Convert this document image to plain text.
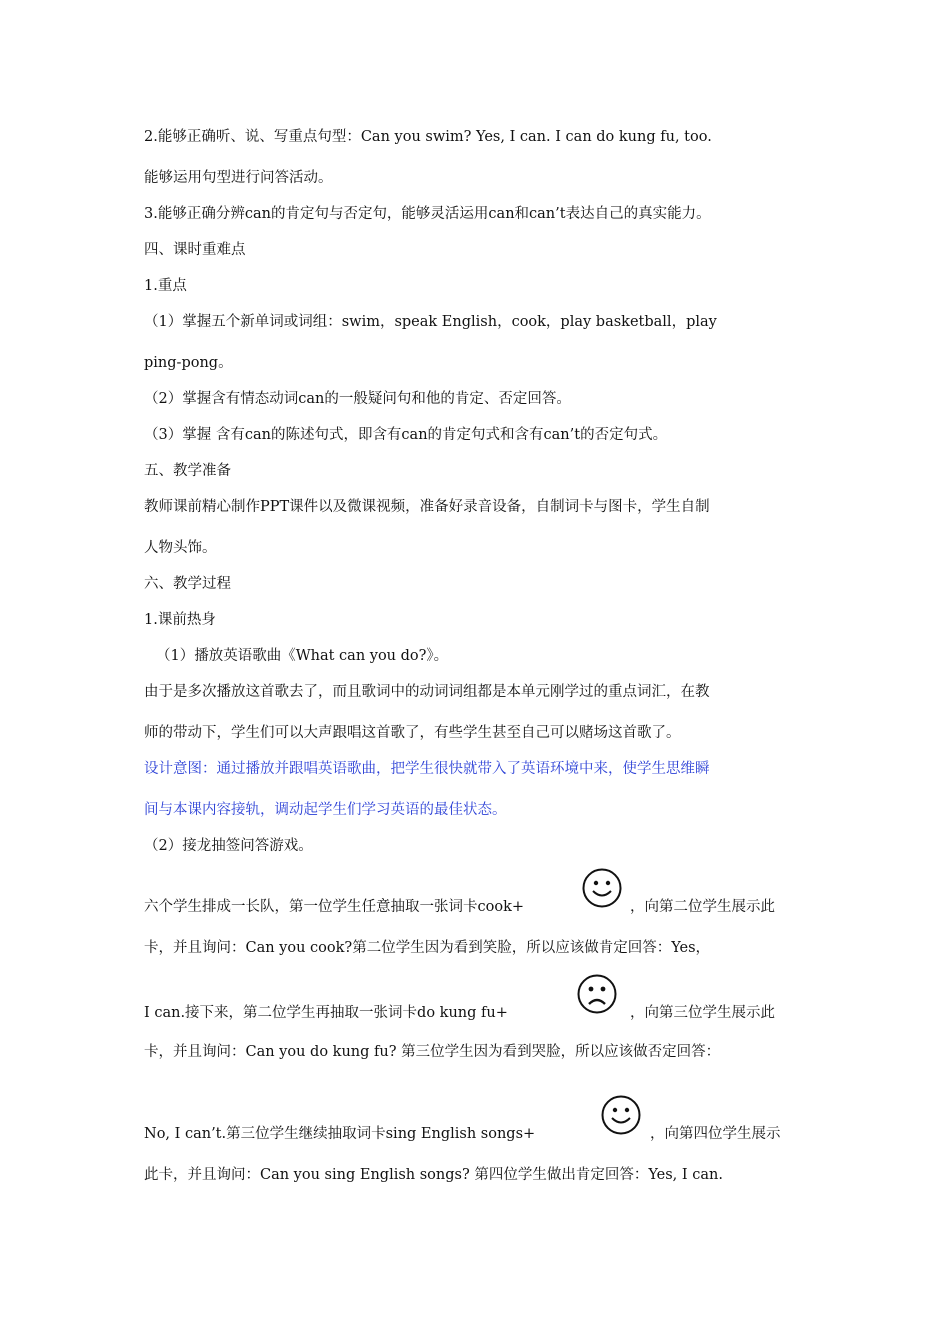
2.能够正确听、说、写重点句型：Can you swim? Yes, I can. I can do kung fu, too.
能够运用句型进行问答活动。
3.能够正确分辨can的肯定句与否定句，能够灵活运用can和can’t表达自己的真实能力。
四、课时重难点
1.重点
（1）掌握五个新单词或词组：swim，speak English，cook，play basketball，play
ping-pong。
（2）掌握含有情态动词can的一般疑问句和他的肯定、否定回答。
（3）掌握 含有can的陈述句式，即含有can的肯定句式和含有can’t的否定句式。
五、教学准备
教师课前精心制作PPT课件以及微课视频，准备好录音设备，自制词卡与图卡，学生自制
人物头饰。
六、教学过程
1.课前热身
（1）播放英语歌曲《What can you do?》。
由于是多次播放这首歌去了，而且歌词中的动词词组都是本单元刚学过的重点词汇，在教
师的带动下，学生们可以大声跟唱这首歌了，有些学生甚至自己可以赌场这首歌了。
设计意图：通过播放并跟唱英语歌曲，把学生很快就带入了英语环境中来，使学生思维瞬
间与本课内容接轨，调动起学生们学习英语的最佳状态。
（2）接龙抽签问答游戏。
六个学生排成一长队，第一位学生任意抽取一张词卡cook+	，向第二位学生展示此
卡，并且询问：Can you cook?第二位学生因为看到笑脸，所以应该做肯定回答：Yes，
I can.接下来，第二位学生再抽取一张词卡do kung fu+	，向第三位学生展示此
卡，并且询问：Can you do kung fu? 第三位学生因为看到哭脸，所以应该做否定回答：
No, I can’t.第三位学生继续抽取词卡sing English songs+	，向第四位学生展示
此卡，并且询问：Can you sing English songs? 第四位学生做出肯定回答：Yes, I can.
